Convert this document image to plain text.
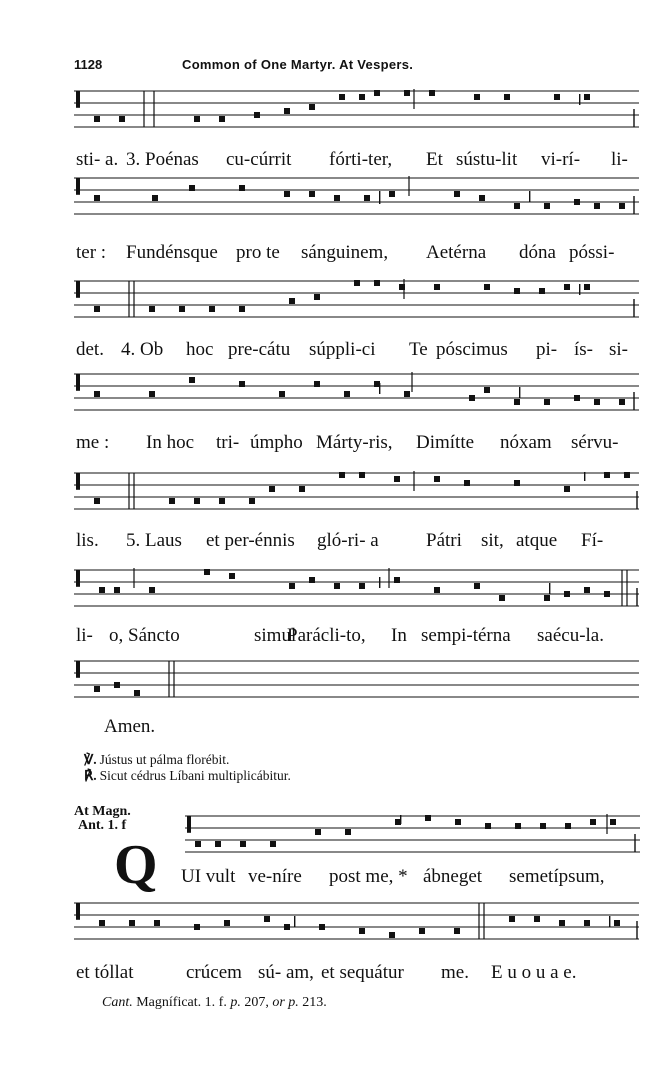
1128	Common of One Martyr. At Vespers.
sti- a. 3. Poénas cu-cúrrit fórti-ter, Et sústu-lit vi-rí- li-
ter : Fundénsque pro te sánguinem, Aetérna dóna póssi-
det. 4. Ob hoc pre-cátu súppli-ci Te póscimus pi- ís- si-
me : In hoc tri- úmpho Márty-ris, Dimítte nóxam sérvu-
lis. 5. Laus et per-énnis gló-ri- a Pátri sit, atque Fí-
li- o, Sáncto	simul
Parácli-to, In sempi-térna saécu-la.
Amen.
UI vult ve-níre post me, * ábneget semetípsum,
et tóllat	crúcem sú- am, et sequátur me. E u o u a e.
℣. Jústus ut pálma florébit.
℟. Sicut cédrus Líbani multiplicábitur.
At Magn.
Ant. 1. f
Q
Cant. Magníficat. 1. f. p. 207, or p. 213.
